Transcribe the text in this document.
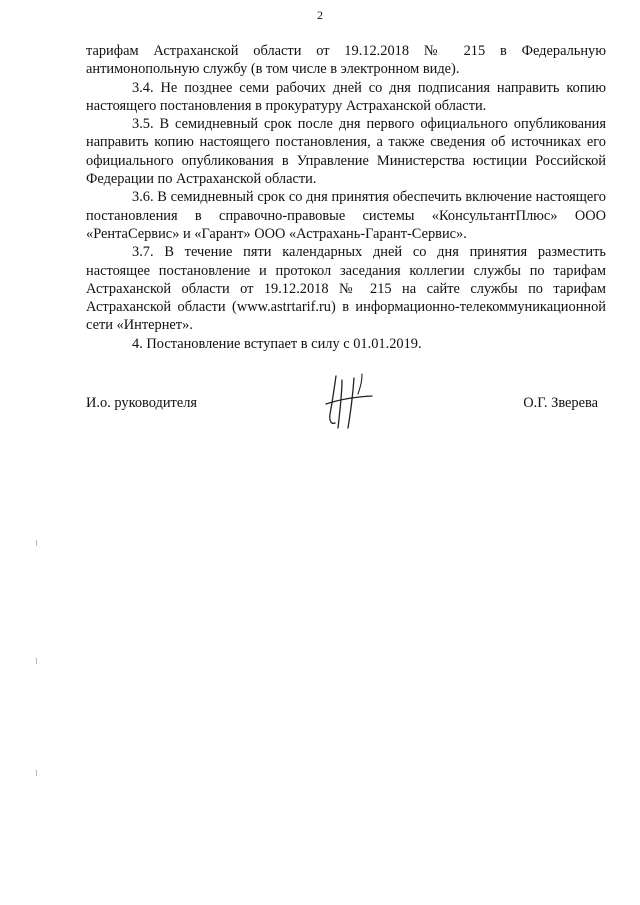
2

тарифам Астраханской области от 19.12.2018 № 215 в Федеральную антимонопольную службу (в том числе в электронном виде).

3.4. Не позднее семи рабочих дней со дня подписания направить копию настоящего постановления в прокуратуру Астраханской области.

3.5. В семидневный срок после дня первого официального опубликования направить копию настоящего постановления, а также сведения об источниках его официального опубликования в Управление Министерства юстиции Российской Федерации по Астраханской области.

3.6. В семидневный срок со дня принятия обеспечить включение настоящего постановления в справочно-правовые системы «КонсультантПлюс» ООО «РентаСервис» и «Гарант» ООО «Астрахань-Гарант-Сервис».

3.7. В течение пяти календарных дней со дня принятия разместить настоящее постановление и протокол заседания коллегии службы по тарифам Астраханской области от 19.12.2018 № 215 на сайте службы по тарифам Астраханской области (www.astrtarif.ru) в информационно-телекоммуникационной сети «Интернет».

4. Постановление вступает в силу с 01.01.2019.

И.о. руководителя	О.Г. Зверева
